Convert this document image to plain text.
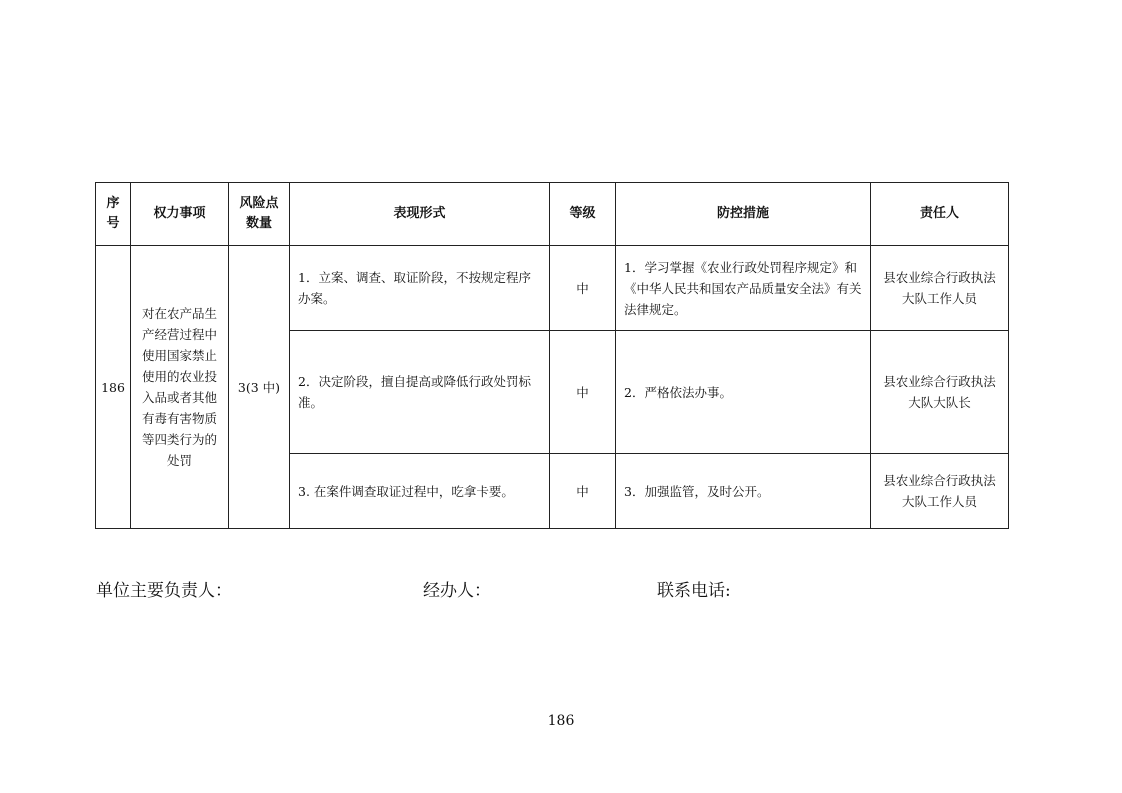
序号	权力事项	风险点数量	表现形式	等级	防控措施	责任人
186	对在农产品生产经营过程中使用国家禁止使用的农业投入品或者其他有毒有害物质等四类行为的处罚	3(3 中)	1．立案、调查、取证阶段，不按规定程序办案。	中	1．学习掌握《农业行政处罚程序规定》和《中华人民共和国农产品质量安全法》有关法律规定。	县农业综合行政执法大队工作人员
			2．决定阶段，擅自提高或降低行政处罚标准。	中	2．严格依法办事。	县农业综合行政执法大队大队长
			3. 在案件调查取证过程中，吃拿卡要。	中	3．加强监管，及时公开。	县农业综合行政执法大队工作人员
单位主要负责人：	经办人：	联系电话:
186
